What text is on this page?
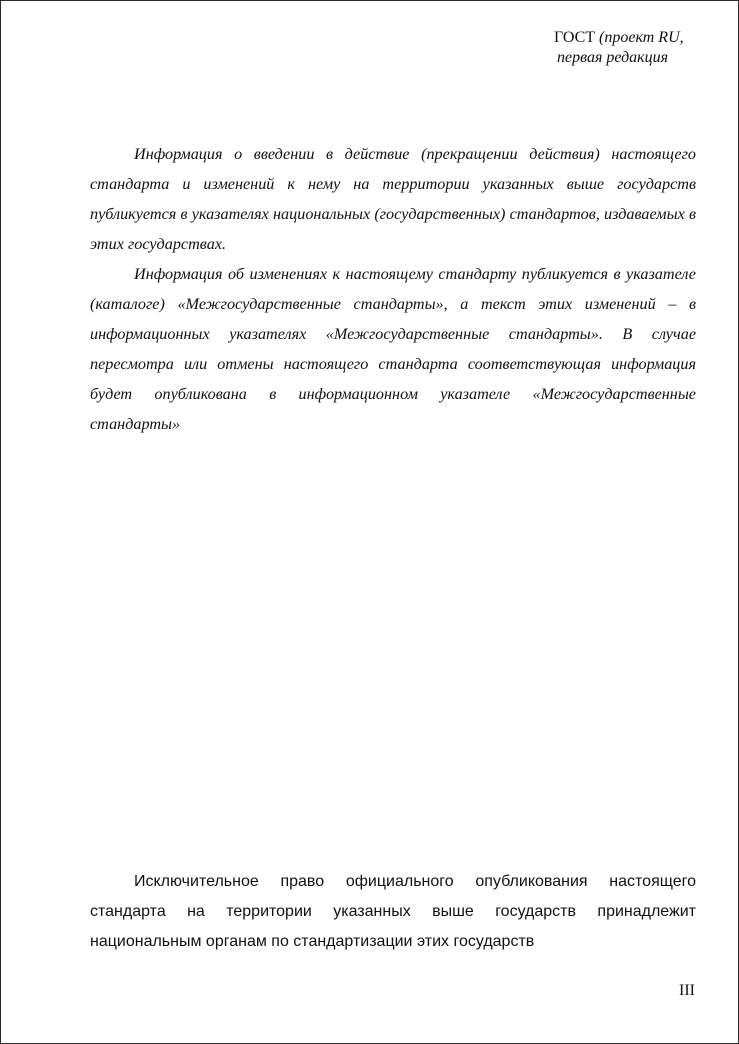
ГОСТ (проект RU,
первая редакция

Информация о введении в действие (прекращении действия) настоящего стандарта и изменений к нему на территории указанных выше государств публикуется в указателях национальных (государственных) стандартов, издаваемых в этих государствах.

Информация об изменениях к настоящему стандарту публикуется в указателе (каталоге) «Межгосударственные стандарты», а текст этих изменений – в информационных указателях «Межгосударственные стандарты». В случае пересмотра или отмены настоящего стандарта соответствующая информация будет опубликована в информационном указателе «Межгосударственные стандарты»

Исключительное право официального опубликования настоящего стандарта на территории указанных выше государств принадлежит национальным органам по стандартизации этих государств

III
